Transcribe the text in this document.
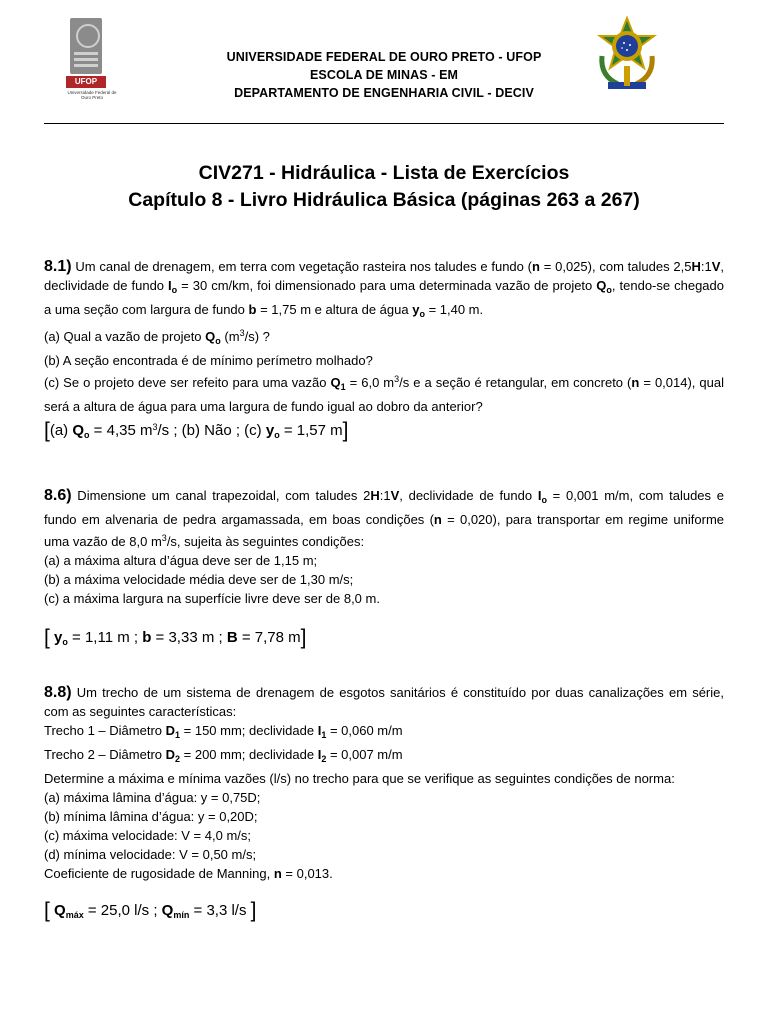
UFOP
Universidade Federal de Ouro Preto
UNIVERSIDADE FEDERAL DE OURO PRETO - UFOP
ESCOLA DE MINAS - EM
DEPARTAMENTO DE ENGENHARIA CIVIL - DECIV
CIV271 - Hidráulica - Lista de Exercícios
Capítulo 8 - Livro Hidráulica Básica (páginas 263 a 267)

8.1) Um canal de drenagem, em terra com vegetação rasteira nos taludes e fundo (n = 0,025), com taludes 2,5H:1V, declividade de fundo $I_o = 30$ cm/km, foi dimensionado para uma determinada vazão de projeto $Q_o$, tendo-se chegado a uma seção com largura de fundo b = 1,75 m e altura de água $y_o = 1,40$ m.

(a) Qual a vazão de projeto $Q_o$ $(m^3/s)$ ?

(b) A seção encontrada é de mínimo perímetro molhado?

(c) Se o projeto deve ser refeito para uma vazão $Q_1 = 6,0$ $m^3/s$ e a seção é retangular, em concreto (n = 0,014), qual será a altura de água para uma largura de fundo igual ao dobro da anterior?

[(a) $Q_o = 4,35$ $m^3/s$ ; (b) Não ; (c) $y_o = 1,57$ m]

8.6) Dimensione um canal trapezoidal, com taludes 2H:1V, declividade de fundo $I_o = 0,001$ m/m, com taludes e fundo em alvenaria de pedra argamassada, em boas condições (n = 0,020), para transportar em regime uniforme uma vazão de 8,0 $m^3/s$, sujeita às seguintes condições:

(a) a máxima altura d’água deve ser de 1,15 m;

(b) a máxima velocidade média deve ser de 1,30 m/s;

(c) a máxima largura na superfície livre deve ser de 8,0 m.

[ $y_o = 1,11$ m ; b = 3,33 m ; B = 7,78 m]

8.8) Um trecho de um sistema de drenagem de esgotos sanitários é constituído por duas canalizações em série, com as seguintes características:

Trecho 1 – Diâmetro $D_1 = 150$ mm; declividade $I_1 = 0,060$ m/m

Trecho 2 – Diâmetro $D_2 = 200$ mm; declividade $I_2 = 0,007$ m/m

Determine a máxima e mínima vazões (l/s) no trecho para que se verifique as seguintes condições de norma:

(a) máxima lâmina d’água: y = 0,75D;

(b) mínima lâmina d’água: y = 0,20D;

(c) máxima velocidade: V = 4,0 m/s;

(d) mínima velocidade: V = 0,50 m/s;

Coeficiente de rugosidade de Manning, n = 0,013.

[ $Q_{máx} = 25,0$ l/s ; $Q_{mín} = 3,3$ l/s ]
